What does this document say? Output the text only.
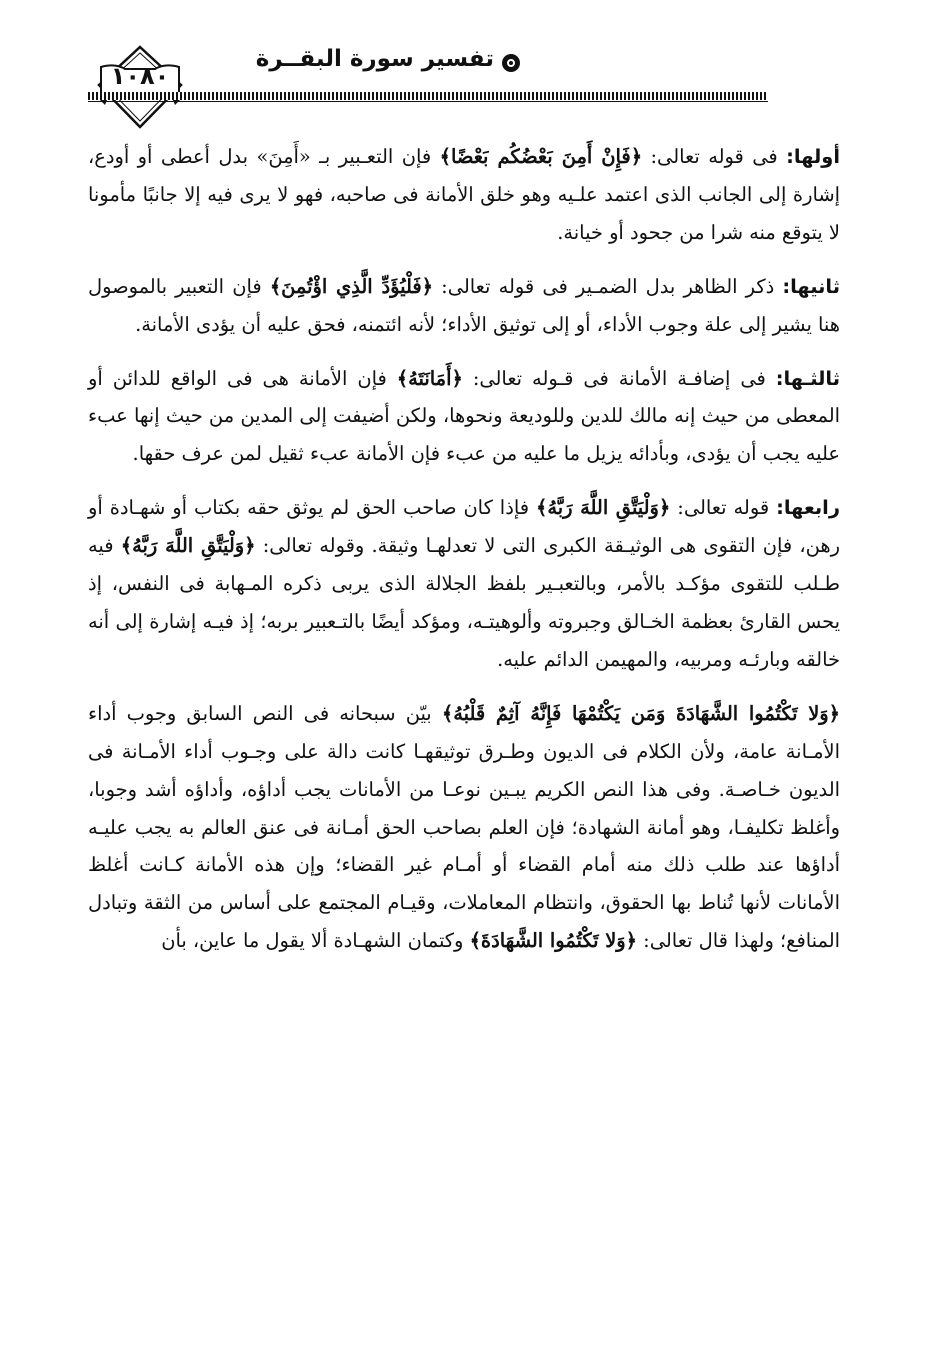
١٠٨٠
تفسير سورة البقــرة

أولها: فى قوله تعالى: ﴿فَإِنْ أَمِنَ بَعْضُكُم بَعْضًا﴾ فإن التعـبير بـ «أَمِنَ» بدل أعطى أو أودع، إشارة إلى الجانب الذى اعتمد علـيه وهو خلق الأمانة فى صاحبه، فهو لا يرى فيه إلا جانبًا مأمونا لا يتوقع منه شرا من جحود أو خيانة.

ثانيها: ذكر الظاهر بدل الضمـير فى قوله تعالى: ﴿فَلْيُؤَدِّ الَّذِي اؤْتُمِنَ﴾ فإن التعبير بالموصول هنا يشير إلى علة وجوب الأداء، أو إلى توثيق الأداء؛ لأنه ائتمنه، فحق عليه أن يؤدى الأمانة.

ثالثـها: فى إضافـة الأمانة فى قـوله تعالى: ﴿أَمَانَتَهُ﴾ فإن الأمانة هى فى الواقع للدائن أو المعطى من حيث إنه مالك للدين وللوديعة ونحوها، ولكن أضيفت إلى المدين من حيث إنها عبء عليه يجب أن يؤدى، وبأدائه يزيل ما عليه من عبء فإن الأمانة عبء ثقيل لمن عرف حقها.

رابعها: قوله تعالى: ﴿وَلْيَتَّقِ اللَّهَ رَبَّهُ﴾ فإذا كان صاحب الحق لم يوثق حقه بكتاب أو شهـادة أو رهن، فإن التقوى هى الوثيـقة الكبرى التى لا تعدلهـا وثيقة. وقوله تعالى: ﴿وَلْيَتَّقِ اللَّهَ رَبَّهُ﴾ فيه طـلب للتقوى مؤكـد بالأمر، وبالتعبـير بلفظ الجلالة الذى يربى ذكره المـهابة فى النفس، إذ يحس القارئ بعظمة الخـالق وجبروته وألوهيتـه، ومؤكد أيضًا بالتـعبير بربه؛ إذ فيـه إشارة إلى أنه خالقه وبارئـه ومربيه، والمهيمن الدائم عليه.

﴿وَلا تَكْتُمُوا الشَّهَادَةَ وَمَن يَكْتُمْهَا فَإِنَّهُ آثِمٌ قَلْبُهُ﴾ بيّن سبحانه فى النص السابق وجوب أداء الأمـانة عامة، ولأن الكلام فى الديون وطـرق توثيقهـا كانت دالة على وجـوب أداء الأمـانة فى الديون خـاصـة. وفى هذا النص الكريم يبـين نوعـا من الأمانات يجب أداؤه، وأداؤه أشد وجوبا، وأغلظ تكليفـا، وهو أمانة الشهادة؛ فإن العلم بصاحب الحق أمـانة فى عنق العالم به يجب عليـه أداؤها عند طلب ذلك منه أمام القضاء أو أمـام غير القضاء؛ وإن هذه الأمانة كـانت أغلظ الأمانات لأنها تُناط بها الحقوق، وانتظام المعاملات، وقيـام المجتمع على أساس من الثقة وتبادل المنافع؛ ولهذا قال تعالى: ﴿وَلا تَكْتُمُوا الشَّهَادَةَ﴾ وكتمان الشهـادة ألا يقول ما عاين، بأن
